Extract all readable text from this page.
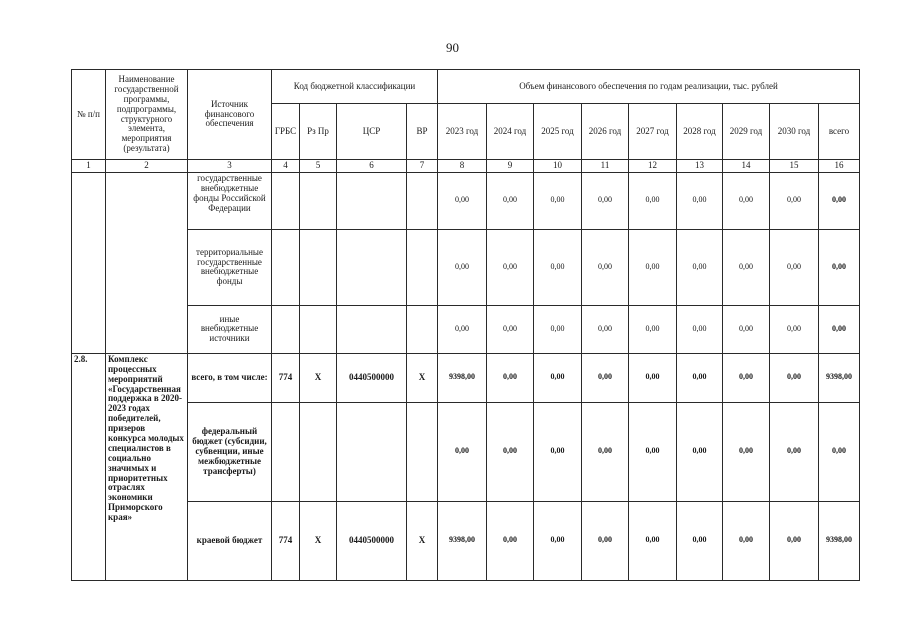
90
№ п/п	Наименование государственной программы, подпрограммы, структурного элемента, мероприятия (результата)	Источник финансового обеспечения	Код бюджетной классификации				Объем финансового обеспечения по годам реализации, тыс. рублей								
			ГРБС	Рз Пр	ЦСР	ВР	2023 год	2024 год	2025 год	2026 год	2027 год	2028 год	2029 год	2030 год	всего
1	2	3	4	5	6	7	8	9	10	11	12	13	14	15	16
		государственные внебюджетные фонды Российской Федерации					0,00	0,00	0,00	0,00	0,00	0,00	0,00	0,00	0,00
		территориальные государственные внебюджетные фонды					0,00	0,00	0,00	0,00	0,00	0,00	0,00	0,00	0,00
		иные внебюджетные источники					0,00	0,00	0,00	0,00	0,00	0,00	0,00	0,00	0,00
2.8.	Комплекс процессных мероприятий «Государственная поддержка в 2020-2023 годах победителей, призеров конкурса молодых специалистов в социально значимых и приоритетных отраслях экономики Приморского края»	всего, в том числе:	774	Х	0440500000	Х	9398,00	0,00	0,00	0,00	0,00	0,00	0,00	0,00	9398,00
		федеральный бюджет (субсидии, субвенции, иные межбюджетные трансферты)					0,00	0,00	0,00	0,00	0,00	0,00	0,00	0,00	0,00
		краевой бюджет	774	Х	0440500000	Х	9398,00	0,00	0,00	0,00	0,00	0,00	0,00	0,00	9398,00
